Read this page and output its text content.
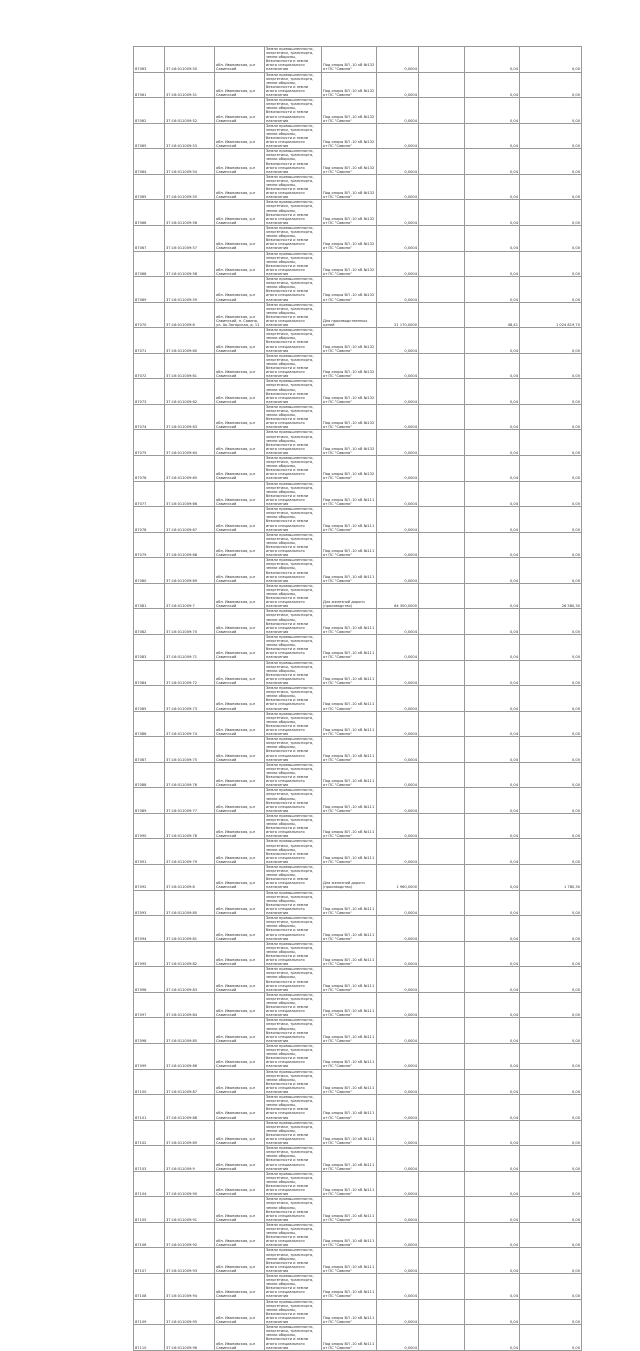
87063	37:16:011009:50	обл. Ивановская, р-н Савинский	Земли промышленности, энергетики, транспорта, земли обороны, безопасности и земли иного специального назначения	Под опоры ВЛ -10 кВ №132 от ПС "Савино"	0,0004		0,04	0,00
87061	37:16:011009:51	обл. Ивановская, р-н Савинский	Земли промышленности, энергетики, транспорта, земли обороны, безопасности и земли иного специального назначения	Под опоры ВЛ -10 кВ №132 от ПС "Савино"	0,0004		0,04	0,00
87062	37:16:011009:52	обл. Ивановская, р-н Савинский	Земли промышленности, энергетики, транспорта, земли обороны, безопасности и земли иного специального назначения	Под опоры ВЛ -10 кВ №132 от ПС "Савино"	0,0004		0,04	0,00
87065	37:16:011009:53	обл. Ивановская, р-н Савинский	Земли промышленности, энергетики, транспорта, земли обороны, безопасности и земли иного специального назначения	Под опоры ВЛ -10 кВ №132 от ПС "Савино"	0,0004		0,04	0,00
87064	37:16:011009:54	обл. Ивановская, р-н Савинский	Земли промышленности, энергетики, транспорта, земли обороны, безопасности и земли иного специального назначения	Под опоры ВЛ -10 кВ №132 от ПС "Савино"	0,0004		0,04	0,00
87065	37:16:011009:55	обл. Ивановская, р-н Савинский	Земли промышленности, энергетики, транспорта, земли обороны, безопасности и земли иного специального назначения	Под опоры ВЛ -10 кВ №132 от ПС "Савино"	0,0004		0,04	0,00
87066	37:16:011009:56	обл. Ивановская, р-н Савинский	Земли промышленности, энергетики, транспорта, земли обороны, безопасности и земли иного специального назначения	Под опоры ВЛ -10 кВ №132 от ПС "Савино"	0,0004		0,04	0,00
87067	37:16:011009:57	обл. Ивановская, р-н Савинский	Земли промышленности, энергетики, транспорта, земли обороны, безопасности и земли иного специального назначения	Под опоры ВЛ -10 кВ №132 от ПС "Савино"	0,0004		0,04	0,00
87068	37:16:011009:58	обл. Ивановская, р-н Савинский	Земли промышленности, энергетики, транспорта, земли обороны, безопасности и земли иного специального назначения	Под опоры ВЛ -10 кВ №132 от ПС "Савино"	0,0004		0,04	0,00
87069	37:16:011009:59	обл. Ивановская, р-н Савинский	Земли промышленности, энергетики, транспорта, земли обороны, безопасности и земли иного специального назначения	Под опоры ВЛ -10 кВ №132 от ПС "Савино"	0,0004		0,04	0,00
87070	37:16:011009:6	обл. Ивановская, р-н Савинский, п. Савино, ул. Ак.Загорская, д. 11	Земли промышленности, энергетики, транспорта, земли обороны, безопасности и земли иного специального назначения	Для производственных целей	21 170,0000		48,41	1 024 819,70
87071	37:16:011009:60	обл. Ивановская, р-н Савинский	Земли промышленности, энергетики, транспорта, земли обороны, безопасности и земли иного специального назначения	Под опоры ВЛ -10 кВ №132 от ПС "Савино"	0,0004		0,04	0,00
87072	37:16:011009:61	обл. Ивановская, р-н Савинский	Земли промышленности, энергетики, транспорта, земли обороны, безопасности и земли иного специального назначения	Под опоры ВЛ -10 кВ №132 от ПС "Савино"	0,0004		0,04	0,00
87073	37:16:011009:62	обл. Ивановская, р-н Савинский	Земли промышленности, энергетики, транспорта, земли обороны, безопасности и земли иного специального назначения	Под опоры ВЛ -10 кВ №132 от ПС "Савино"	0,0004		0,04	0,00
87074	37:16:011009:63	обл. Ивановская, р-н Савинский	Земли промышленности, энергетики, транспорта, земли обороны, безопасности и земли иного специального назначения	Под опоры ВЛ -10 кВ №132 от ПС "Савино"	0,0004		0,04	0,00
87075	37:16:011009:64	обл. Ивановская, р-н Савинский	Земли промышленности, энергетики, транспорта, земли обороны, безопасности и земли иного специального назначения	Под опоры ВЛ -10 кВ №132 от ПС "Савино"	0,0004		0,04	0,00
87076	37:16:011009:65	обл. Ивановская, р-н Савинский	Земли промышленности, энергетики, транспорта, земли обороны, безопасности и земли иного специального назначения	Под опоры ВЛ -10 кВ №132 от ПС "Савино"	0,0004		0,04	0,00
87077	37:16:011009:66	обл. Ивановская, р-н Савинский	Земли промышленности, энергетики, транспорта, земли обороны, безопасности и земли иного специального назначения	Под опоры ВЛ -10 кВ №111 от ПС "Савино"	0,0004		0,04	0,00
87078	37:16:011009:67	обл. Ивановская, р-н Савинский	Земли промышленности, энергетики, транспорта, земли обороны, безопасности и земли иного специального назначения	Под опоры ВЛ -10 кВ №111 от ПС "Савино"	0,0004		0,04	0,00
87079	37:16:011009:68	обл. Ивановская, р-н Савинский	Земли промышленности, энергетики, транспорта, земли обороны, безопасности и земли иного специального назначения	Под опоры ВЛ -10 кВ №111 от ПС "Савино"	0,0004		0,04	0,00
87080	37:16:011009:69	обл. Ивановская, р-н Савинский	Земли промышленности, энергетики, транспорта, земли обороны, безопасности и земли иного специального назначения	Под опоры ВЛ -10 кВ №111 от ПС "Савино"	0,0004		0,04	0,00
87081	37:16:011009:7	обл. Ивановская, р-н Савинский	Земли промышленности, энергетики, транспорта, земли обороны, безопасности и земли иного специального назначения	Для железной дороги (производство)	64 300,0000		0,04	26 580,30
87082	37:16:011009:70	обл. Ивановская, р-н Савинский	Земли промышленности, энергетики, транспорта, земли обороны, безопасности и земли иного специального назначения	Под опоры ВЛ -10 кВ №111 от ПС "Савино"	0,0004		0,04	0,00
87083	37:16:011009:71	обл. Ивановская, р-н Савинский	Земли промышленности, энергетики, транспорта, земли обороны, безопасности и земли иного специального назначения	Под опоры ВЛ -10 кВ №111 от ПС "Савино"	0,0004		0,04	0,00
87084	37:16:011009:72	обл. Ивановская, р-н Савинский	Земли промышленности, энергетики, транспорта, земли обороны, безопасности и земли иного специального назначения	Под опоры ВЛ -10 кВ №111 от ПС "Савино"	0,0004		0,04	0,00
87085	37:16:011009:73	обл. Ивановская, р-н Савинский	Земли промышленности, энергетики, транспорта, земли обороны, безопасности и земли иного специального назначения	Под опоры ВЛ -10 кВ №111 от ПС "Савино"	0,0004		0,04	0,00
87086	37:16:011009:74	обл. Ивановская, р-н Савинский	Земли промышленности, энергетики, транспорта, земли обороны, безопасности и земли иного специального назначения	Под опоры ВЛ -10 кВ №111 от ПС "Савино"	0,0004		0,04	0,00
87087	37:16:011009:75	обл. Ивановская, р-н Савинский	Земли промышленности, энергетики, транспорта, земли обороны, безопасности и земли иного специального назначения	Под опоры ВЛ -10 кВ №111 от ПС "Савино"	0,0004		0,04	0,00
87088	37:16:011009:76	обл. Ивановская, р-н Савинский	Земли промышленности, энергетики, транспорта, земли обороны, безопасности и земли иного специального назначения	Под опоры ВЛ -10 кВ №111 от ПС "Савино"	0,0004		0,04	0,00
87089	37:16:011009:77	обл. Ивановская, р-н Савинский	Земли промышленности, энергетики, транспорта, земли обороны, безопасности и земли иного специального назначения	Под опоры ВЛ -10 кВ №111 от ПС "Савино"	0,0004		0,04	0,00
87090	37:16:011009:78	обл. Ивановская, р-н Савинский	Земли промышленности, энергетики, транспорта, земли обороны, безопасности и земли иного специального назначения	Под опоры ВЛ -10 кВ №111 от ПС "Савино"	0,0004		0,04	0,00
87091	37:16:011009:79	обл. Ивановская, р-н Савинский	Земли промышленности, энергетики, транспорта, земли обороны, безопасности и земли иного специального назначения	Под опоры ВЛ -10 кВ №111 от ПС "Савино"	0,0004		0,04	0,00
87092	37:16:011009:8	обл. Ивановская, р-н Савинский	Земли промышленности, энергетики, транспорта, земли обороны, безопасности и земли иного специального назначения	Для железной дороги (производство)	1 960,0000		0,04	1 780,30
87093	37:16:011009:80	обл. Ивановская, р-н Савинский	Земли промышленности, энергетики, транспорта, земли обороны, безопасности и земли иного специального назначения	Под опоры ВЛ -10 кВ №111 от ПС "Савино"	0,0004		0,04	0,00
87094	37:16:011009:81	обл. Ивановская, р-н Савинский	Земли промышленности, энергетики, транспорта, земли обороны, безопасности и земли иного специального назначения	Под опоры ВЛ -10 кВ №111 от ПС "Савино"	0,0004		0,04	0,00
87095	37:16:011009:82	обл. Ивановская, р-н Савинский	Земли промышленности, энергетики, транспорта, земли обороны, безопасности и земли иного специального назначения	Под опоры ВЛ -10 кВ №111 от ПС "Савино"	0,0004		0,04	0,00
87096	37:16:011009:83	обл. Ивановская, р-н Савинский	Земли промышленности, энергетики, транспорта, земли обороны, безопасности и земли иного специального назначения	Под опоры ВЛ -10 кВ №111 от ПС "Савино"	0,0004		0,04	0,00
87097	37:16:011009:84	обл. Ивановская, р-н Савинский	Земли промышленности, энергетики, транспорта, земли обороны, безопасности и земли иного специального назначения	Под опоры ВЛ -10 кВ №111 от ПС "Савино"	0,0004		0,04	0,00
87098	37:16:011009:85	обл. Ивановская, р-н Савинский	Земли промышленности, энергетики, транспорта, земли обороны, безопасности и земли иного специального назначения	Под опоры ВЛ -10 кВ №111 от ПС "Савино"	0,0004		0,04	0,00
87099	37:16:011009:86	обл. Ивановская, р-н Савинский	Земли промышленности, энергетики, транспорта, земли обороны, безопасности и земли иного специального назначения	Под опоры ВЛ -10 кВ №111 от ПС "Савино"	0,0004		0,04	0,00
87100	37:16:011009:87	обл. Ивановская, р-н Савинский	Земли промышленности, энергетики, транспорта, земли обороны, безопасности и земли иного специального назначения	Под опоры ВЛ -10 кВ №111 от ПС "Савино"	0,0004		0,04	0,00
87101	37:16:011009:88	обл. Ивановская, р-н Савинский	Земли промышленности, энергетики, транспорта, земли обороны, безопасности и земли иного специального назначения	Под опоры ВЛ -10 кВ №111 от ПС "Савино"	0,0004		0,04	0,00
87102	37:16:011009:89	обл. Ивановская, р-н Савинский	Земли промышленности, энергетики, транспорта, земли обороны, безопасности и земли иного специального назначения	Под опоры ВЛ -10 кВ №111 от ПС "Савино"	0,0004		0,04	0,00
87103	37:16:011009:9	обл. Ивановская, р-н Савинский	Земли промышленности, энергетики, транспорта, земли обороны, безопасности и земли иного специального назначения	Под опоры ВЛ -10 кВ №111 от ПС "Савино"	0,0004		0,04	0,00
87104	37:16:011009:90	обл. Ивановская, р-н Савинский	Земли промышленности, энергетики, транспорта, земли обороны, безопасности и земли иного специального назначения	Под опоры ВЛ -10 кВ №111 от ПС "Савино"	0,0004		0,04	0,00
87105	37:16:011009:91	обл. Ивановская, р-н Савинский	Земли промышленности, энергетики, транспорта, земли обороны, безопасности и земли иного специального назначения	Под опоры ВЛ -10 кВ №111 от ПС "Савино"	0,0004		0,04	0,00
87106	37:16:011009:92	обл. Ивановская, р-н Савинский	Земли промышленности, энергетики, транспорта, земли обороны, безопасности и земли иного специального назначения	Под опоры ВЛ -10 кВ №111 от ПС "Савино"	0,0004		0,04	0,00
87107	37:16:011009:93	обл. Ивановская, р-н Савинский	Земли промышленности, энергетики, транспорта, земли обороны, безопасности и земли иного специального назначения	Под опоры ВЛ -10 кВ №111 от ПС "Савино"	0,0004		0,04	0,00
87108	37:16:011009:94	обл. Ивановская, р-н Савинский	Земли промышленности, энергетики, транспорта, земли обороны, безопасности и земли иного специального назначения	Под опоры ВЛ -10 кВ №111 от ПС "Савино"	0,0004		0,04	0,00
87109	37:16:011009:95	обл. Ивановская, р-н Савинский	Земли промышленности, энергетики, транспорта, земли обороны, безопасности и земли иного специального назначения	Под опоры ВЛ -10 кВ №111 от ПС "Савино"	0,0004		0,04	0,00
87110	37:16:011009:96	обл. Ивановская, р-н Савинский	Земли промышленности, энергетики, транспорта, земли обороны, безопасности и земли иного специального назначения	Под опоры ВЛ -10 кВ №111 от ПС "Савино"	0,0004		0,04	0,00
